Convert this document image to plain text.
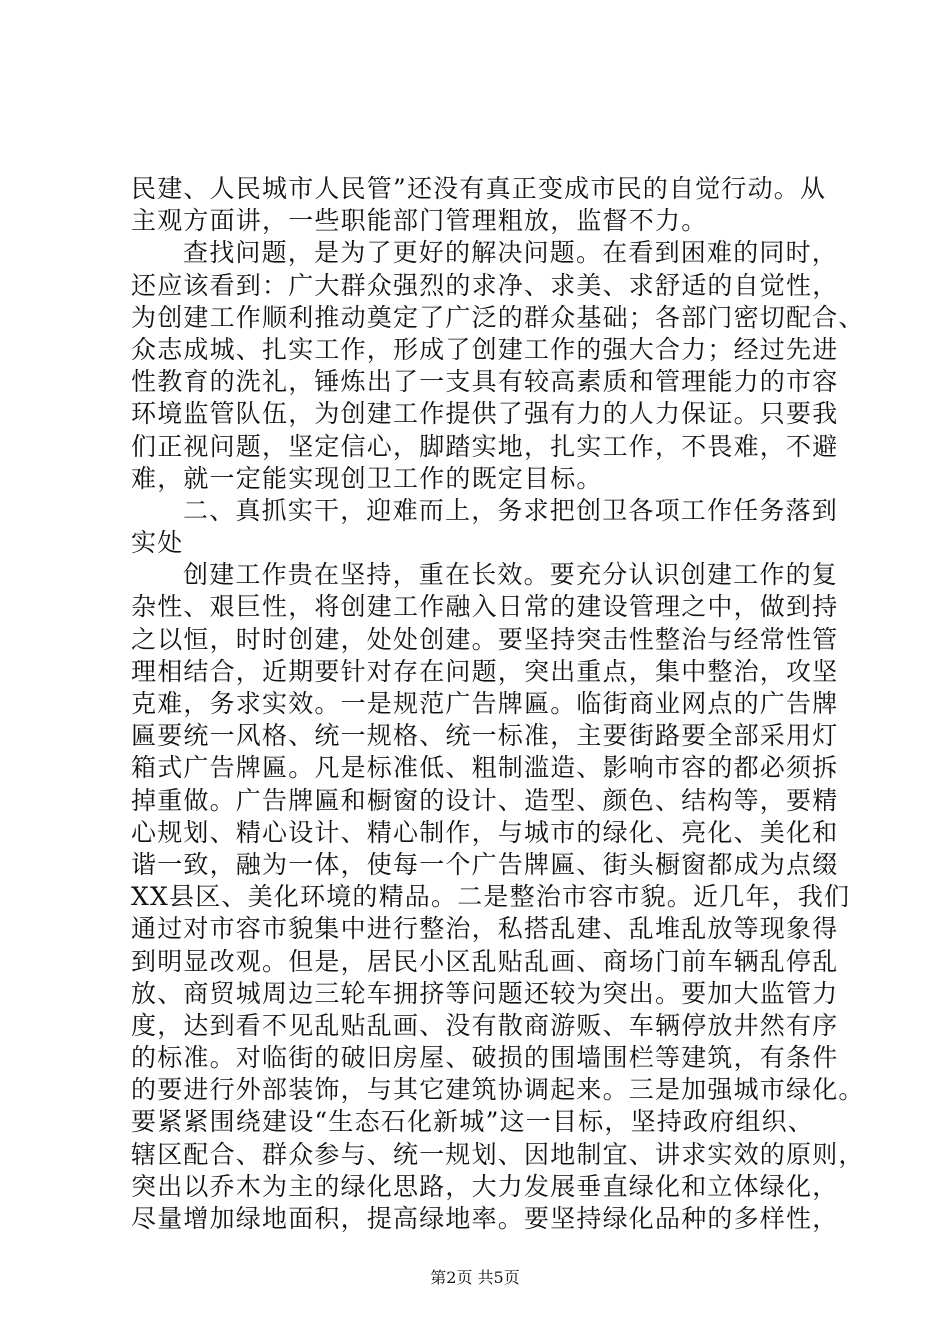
民建、人民城市人民管”还没有真正变成市民的自觉行动。从
主观方面讲，一些职能部门管理粗放，监督不力。
查找问题，是为了更好的解决问题。在看到困难的同时，
还应该看到：广大群众强烈的求净、求美、求舒适的自觉性，
为创建工作顺利推动奠定了广泛的群众基础；各部门密切配合、
众志成城、扎实工作，形成了创建工作的强大合力；经过先进
性教育的洗礼，锤炼出了一支具有较高素质和管理能力的市容
环境监管队伍，为创建工作提供了强有力的人力保证。只要我
们正视问题，坚定信心，脚踏实地，扎实工作，不畏难，不避
难，就一定能实现创卫工作的既定目标。
二、真抓实干，迎难而上，务求把创卫各项工作任务落到
实处
创建工作贵在坚持，重在长效。要充分认识创建工作的复
杂性、艰巨性，将创建工作融入日常的建设管理之中，做到持
之以恒，时时创建，处处创建。要坚持突击性整治与经常性管
理相结合，近期要针对存在问题，突出重点，集中整治，攻坚
克难，务求实效。一是规范广告牌匾。临街商业网点的广告牌
匾要统一风格、统一规格、统一标准，主要街路要全部采用灯
箱式广告牌匾。凡是标准低、粗制滥造、影响市容的都必须拆
掉重做。广告牌匾和橱窗的设计、造型、颜色、结构等，要精
心规划、精心设计、精心制作，与城市的绿化、亮化、美化和
谐一致，融为一体，使每一个广告牌匾、街头橱窗都成为点缀
XX县区、美化环境的精品。二是整治市容市貌。近几年，我们
通过对市容市貌集中进行整治，私搭乱建、乱堆乱放等现象得
到明显改观。但是，居民小区乱贴乱画、商场门前车辆乱停乱
放、商贸城周边三轮车拥挤等问题还较为突出。要加大监管力
度，达到看不见乱贴乱画、没有散商游贩、车辆停放井然有序
的标准。对临街的破旧房屋、破损的围墙围栏等建筑，有条件
的要进行外部装饰，与其它建筑协调起来。三是加强城市绿化。
要紧紧围绕建设“生态石化新城”这一目标，坚持政府组织、
辖区配合、群众参与、统一规划、因地制宜、讲求实效的原则，
突出以乔木为主的绿化思路，大力发展垂直绿化和立体绿化，
尽量增加绿地面积，提高绿地率。要坚持绿化品种的多样性，
第2页 共5页
